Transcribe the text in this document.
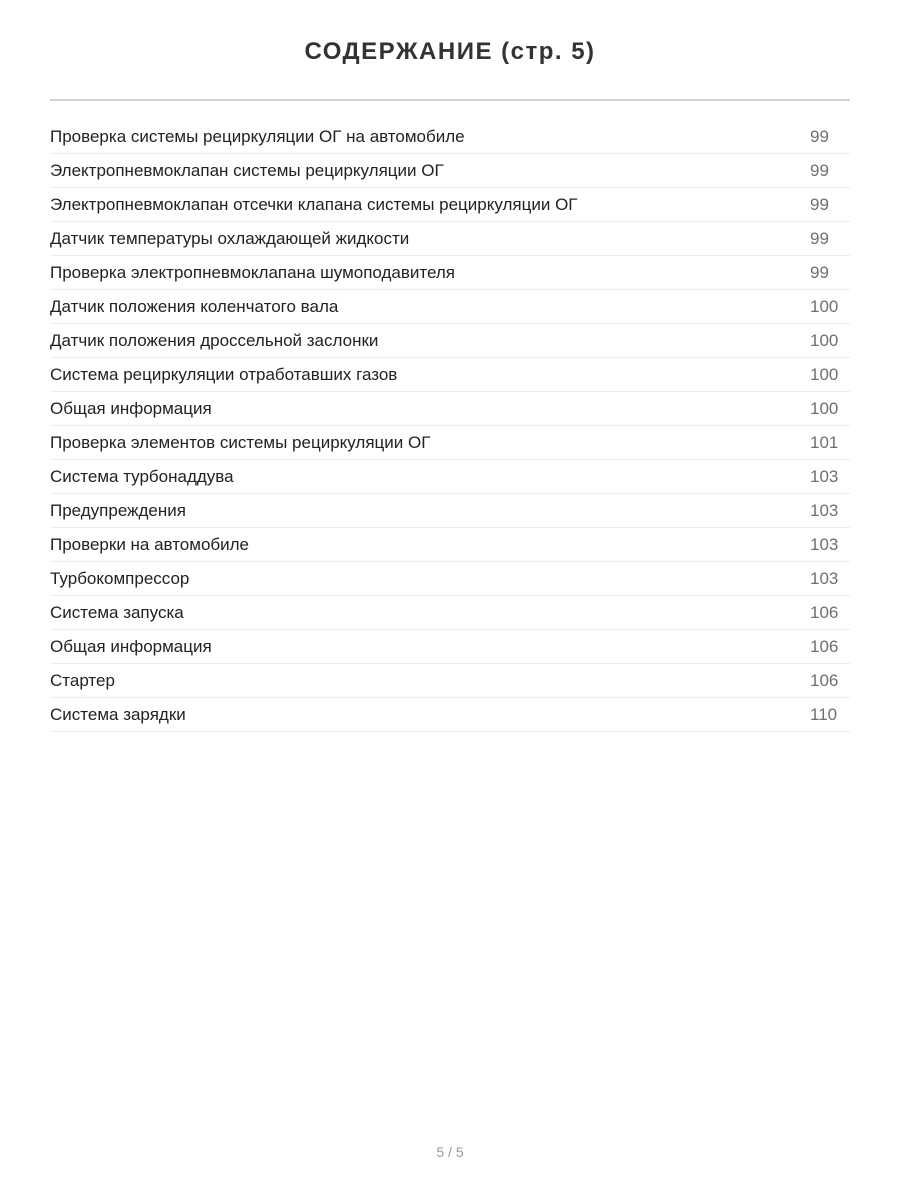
СОДЕРЖАНИЕ (стр. 5)
Проверка системы рециркуляции ОГ на автомобиле	99
Электропневмоклапан системы рециркуляции ОГ	99
Электропневмоклапан отсечки клапана системы рециркуляции ОГ	99
Датчик температуры охлаждающей жидкости	99
Проверка электропневмоклапана шумоподавителя	99
Датчик положения коленчатого вала	100
Датчик положения дроссельной заслонки	100
Система рециркуляции отработавших газов	100
Общая информация	100
Проверка элементов системы рециркуляции ОГ	101
Система турбонаддува	103
Предупреждения	103
Проверки на автомобиле	103
Турбокомпрессор	103
Система запуска	106
Общая информация	106
Стартер	106
Система зарядки	110
5 / 5
